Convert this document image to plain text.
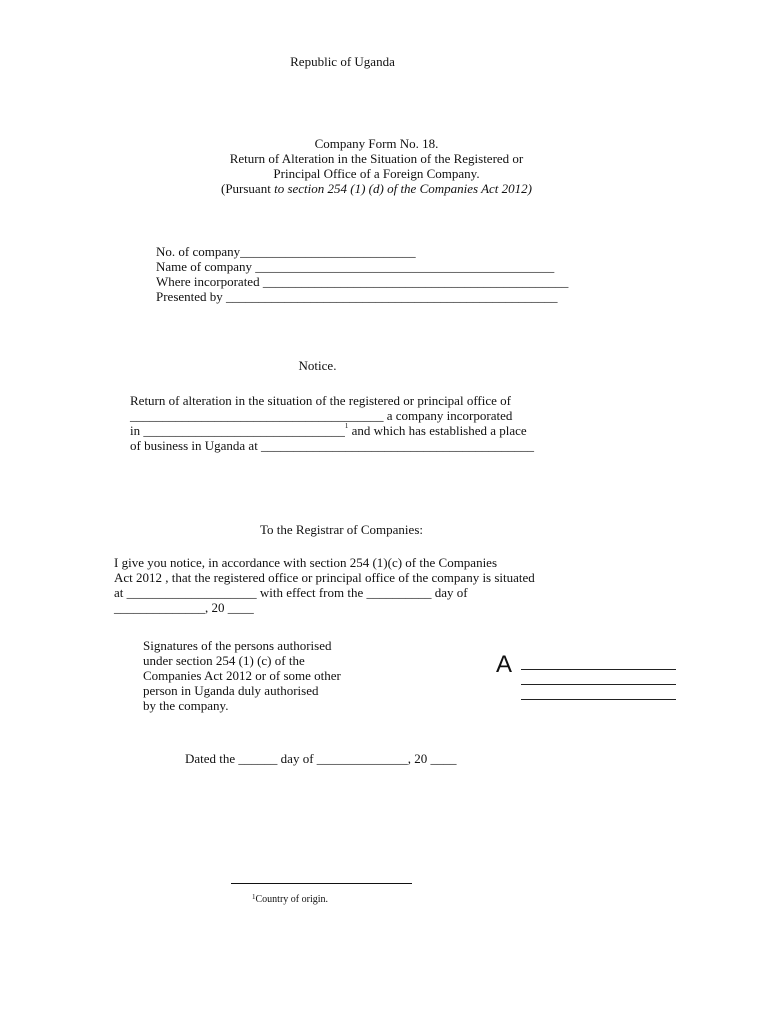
Republic of Uganda
Company Form No. 18.
Return of Alteration in the Situation of the Registered or
Principal Office of a Foreign Company.
(Pursuant to section 254 (1) (d) of the Companies Act 2012)
No. of company___________________________
Name of company ______________________________________________
Where incorporated _______________________________________________
Presented by ___________________________________________________
Notice.
Return of alteration in the situation of the registered or principal office of
_______________________________________ a company incorporated
in _______________________________$^1$ and which has established a place
of business in Uganda at __________________________________________
To the Registrar of Companies:
I give you notice, in accordance with section 254 (1)(c) of the Companies
Act 2012 , that the registered office or principal office of the company is situated
at ____________________ with effect from the __________ day of
______________, 20 ____
Signatures of the persons authorised
under section 254 (1) (c) of the
Companies Act 2012 or of some other
person in Uganda duly authorised
by the company.
A
Dated the ______ day of ______________, 20 ____
$^1$Country of origin.
